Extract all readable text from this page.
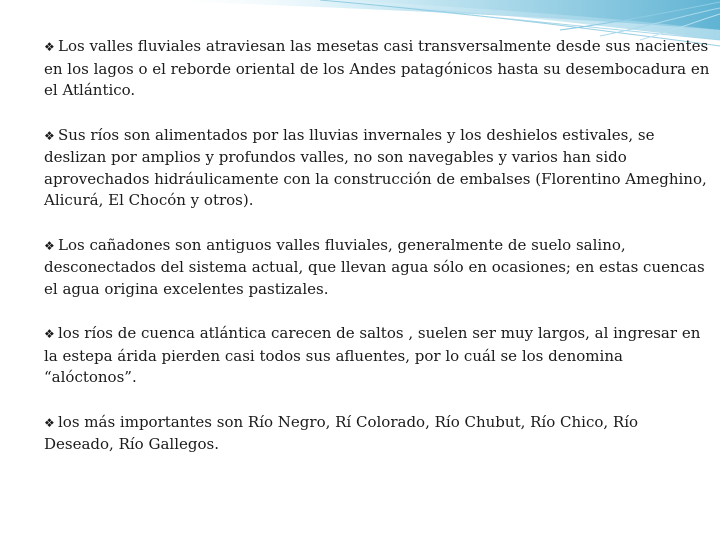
❖ Los valles fluviales atraviesan las mesetas casi transversalmente desde sus nacientes en los lagos o el reborde oriental de los Andes patagónicos hasta su desembocadura en el Atlántico.

❖ Sus ríos son alimentados por las lluvias invernales y los deshielos estivales, se deslizan por amplios y profundos valles, no son navegables y varios han sido aprovechados hidráulicamente con la construcción de embalses (Florentino Ameghino, Alicurá, El Chocón y otros).

❖ Los cañadones son antiguos valles fluviales, generalmente de suelo salino, desconectados del sistema actual, que llevan agua sólo en ocasiones; en estas cuencas el agua origina excelentes pastizales.

❖ los ríos de cuenca atlántica carecen de saltos , suelen ser muy largos, al ingresar en la estepa árida pierden casi todos sus afluentes, por lo cuál se los denomina “alóctonos”.

❖ los más importantes son Río Negro, Rí Colorado, Río Chubut, Río Chico, Río Deseado, Río Gallegos.
